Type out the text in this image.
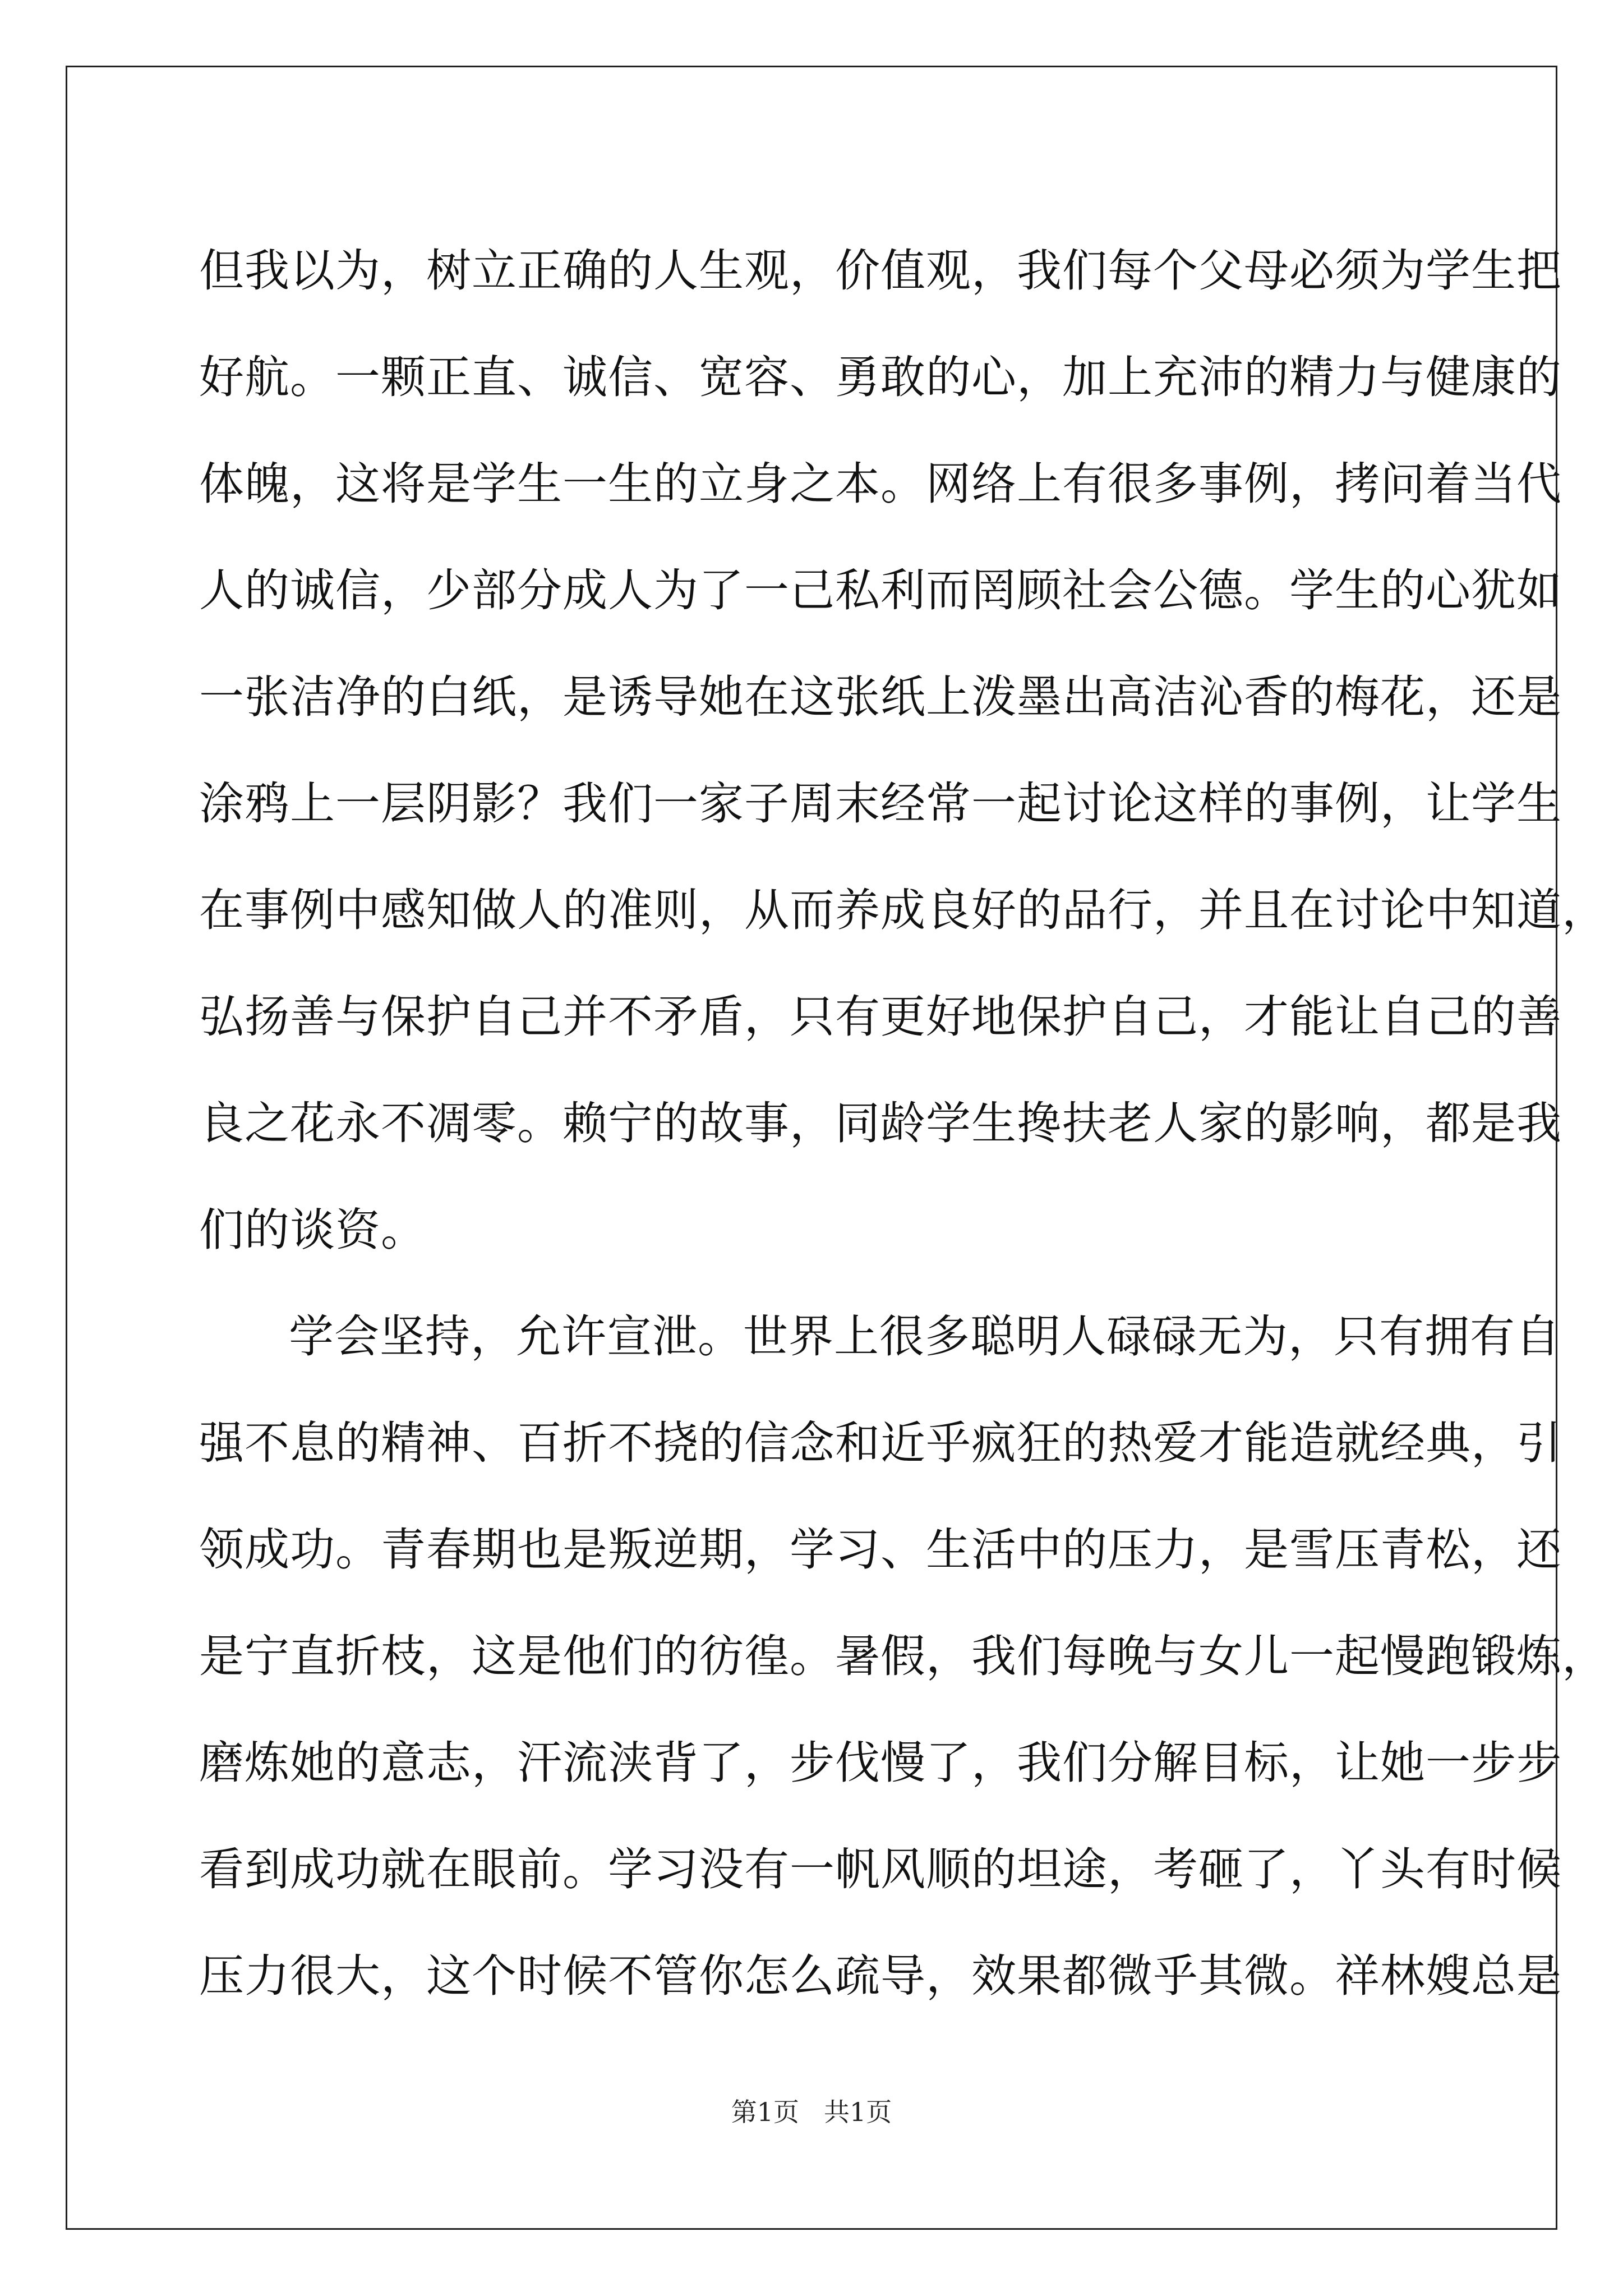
但我以为，树立正确的人生观，价值观，我们每个父母必须为学生把
好航。一颗正直、诚信、宽容、勇敢的心，加上充沛的精力与健康的
体魄，这将是学生一生的立身之本。网络上有很多事例，拷问着当代
人的诚信，少部分成人为了一己私利而罔顾社会公德。学生的心犹如
一张洁净的白纸，是诱导她在这张纸上泼墨出高洁沁香的梅花，还是
涂鸦上一层阴影？我们一家子周末经常一起讨论这样的事例，让学生
在事例中感知做人的准则，从而养成良好的品行，并且在讨论中知道，
弘扬善与保护自己并不矛盾，只有更好地保护自己，才能让自己的善
良之花永不凋零。赖宁的故事，同龄学生搀扶老人家的影响，都是我
们的谈资。
学会坚持，允许宣泄。世界上很多聪明人碌碌无为，只有拥有自
强不息的精神、百折不挠的信念和近乎疯狂的热爱才能造就经典，引
领成功。青春期也是叛逆期，学习、生活中的压力，是雪压青松，还
是宁直折枝，这是他们的彷徨。暑假，我们每晚与女儿一起慢跑锻炼，
磨炼她的意志，汗流浃背了，步伐慢了，我们分解目标，让她一步步
看到成功就在眼前。学习没有一帆风顺的坦途，考砸了，丫头有时候
压力很大，这个时候不管你怎么疏导，效果都微乎其微。祥林嫂总是
第1页 共1页
